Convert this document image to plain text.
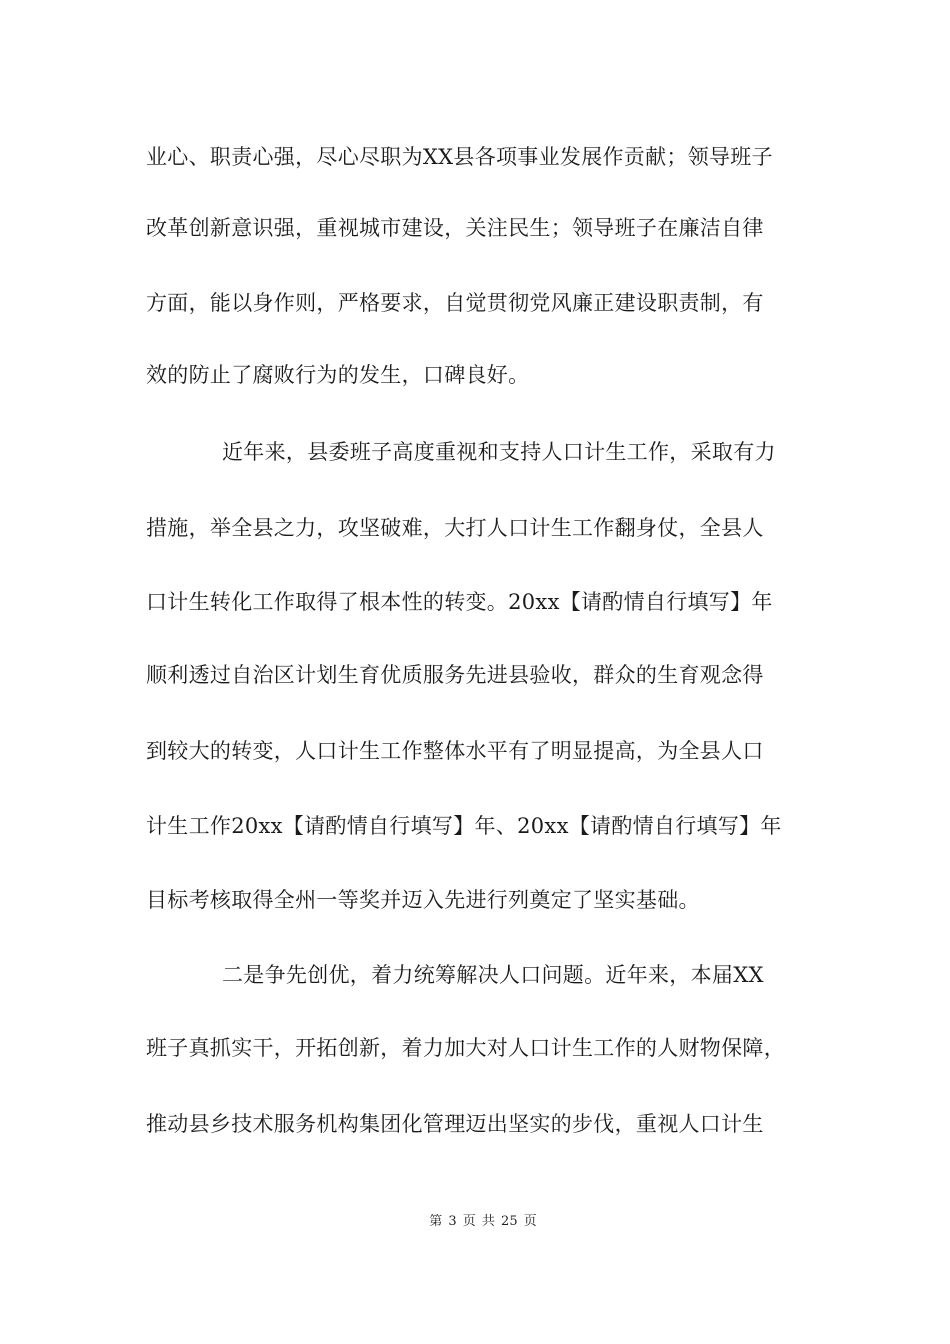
业心、职责心强，尽心尽职为XX县各项事业发展作贡献；领导班子
改革创新意识强，重视城市建设，关注民生；领导班子在廉洁自律
方面，能以身作则，严格要求，自觉贯彻党风廉正建设职责制，有
效的防止了腐败行为的发生，口碑良好。
近年来，县委班子高度重视和支持人口计生工作，采取有力
措施，举全县之力，攻坚破难，大打人口计生工作翻身仗，全县人
口计生转化工作取得了根本性的转变。20xx【请酌情自行填写】年
顺利透过自治区计划生育优质服务先进县验收，群众的生育观念得
到较大的转变，人口计生工作整体水平有了明显提高，为全县人口
计生工作20xx【请酌情自行填写】年、20xx【请酌情自行填写】年
目标考核取得全州一等奖并迈入先进行列奠定了坚实基础。
二是争先创优，着力统筹解决人口问题。近年来，本届XX
班子真抓实干，开拓创新，着力加大对人口计生工作的人财物保障，
推动县乡技术服务机构集团化管理迈出坚实的步伐，重视人口计生
第 3 页 共 25 页
